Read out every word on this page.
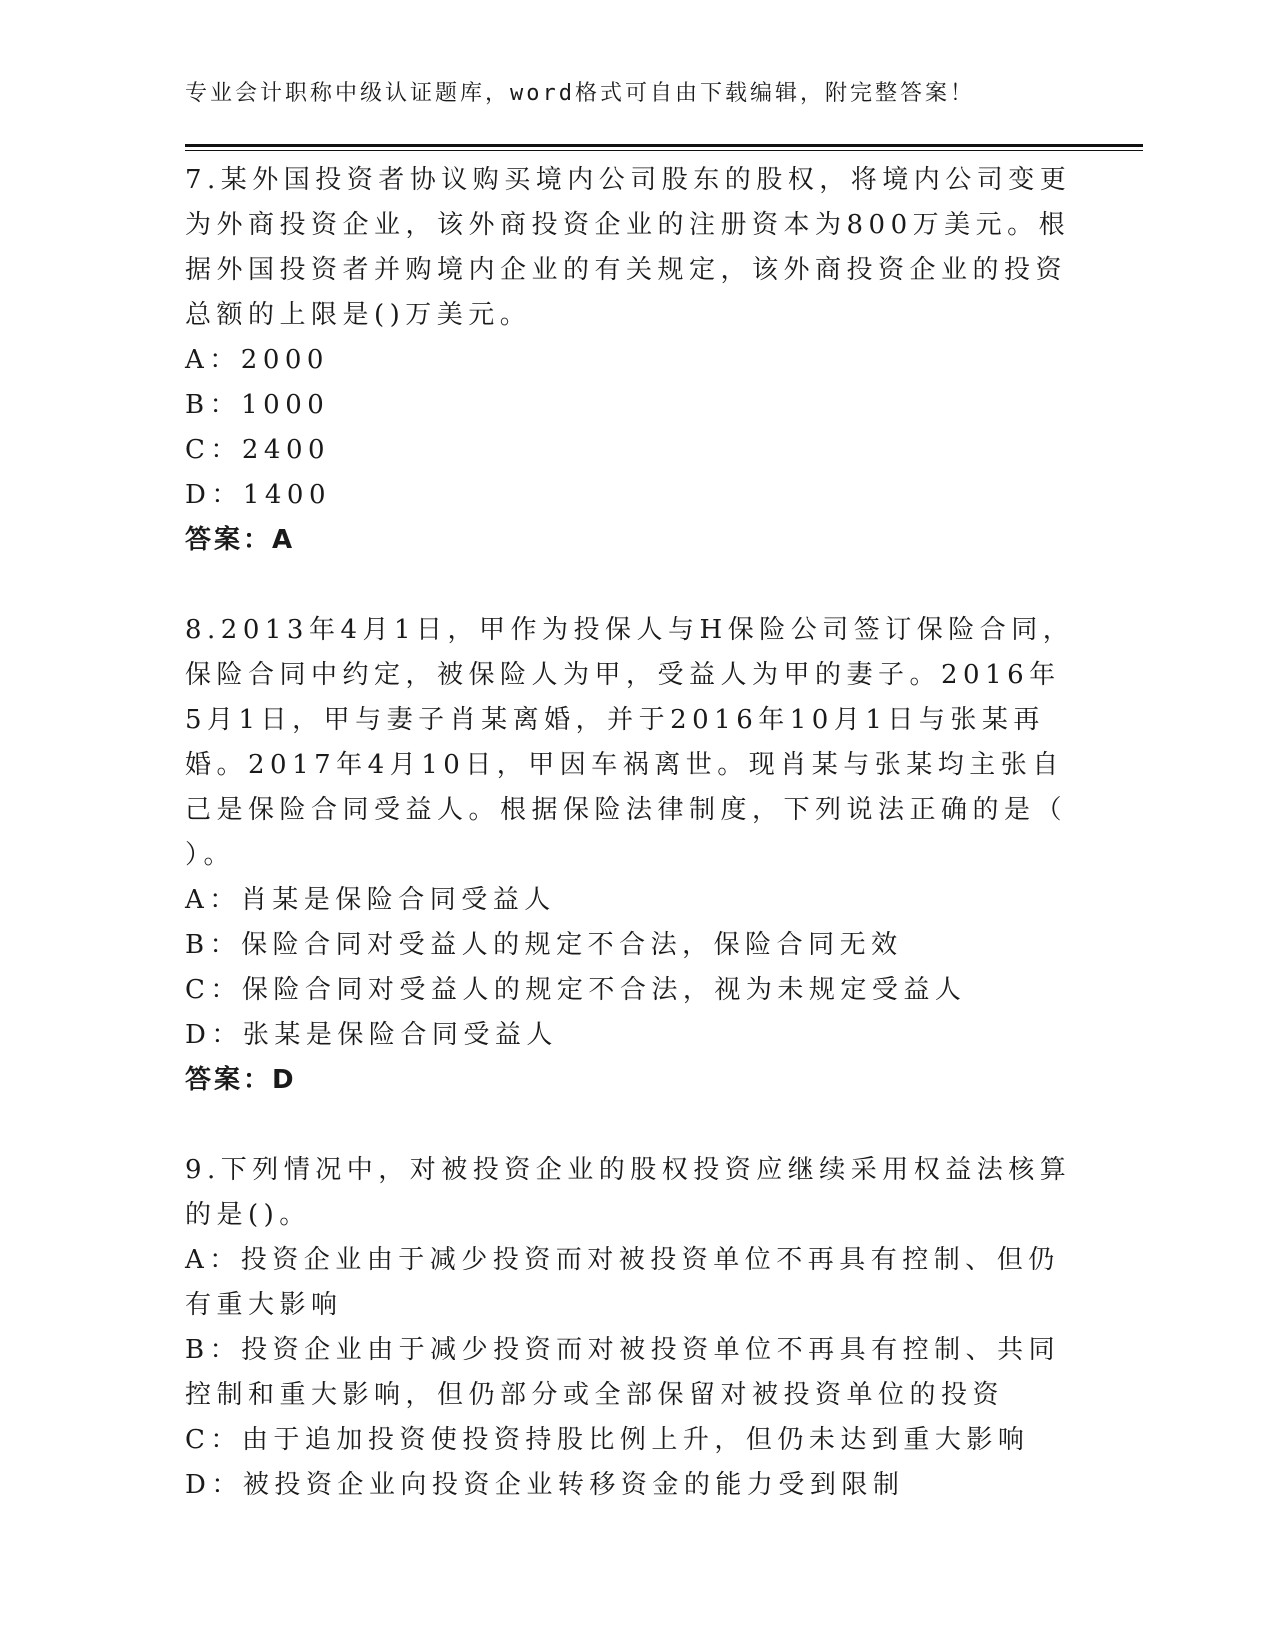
专业会计职称中级认证题库，word格式可自由下载编辑，附完整答案！

7.某外国投资者协议购买境内公司股东的股权，将境内公司变更为外商投资企业，该外商投资企业的注册资本为800万美元。根据外国投资者并购境内企业的有关规定，该外商投资企业的投资总额的上限是()万美元。

A：2000

B：1000

C：2400

D：1400

答案：A

8.2013年4月1日，甲作为投保人与H保险公司签订保险合同，保险合同中约定，被保险人为甲，受益人为甲的妻子。2016年5月1日，甲与妻子肖某离婚，并于2016年10月1日与张某再婚。2017年4月10日，甲因车祸离世。现肖某与张某均主张自己是保险合同受益人。根据保险法律制度，下列说法正确的是（ ）。

A：肖某是保险合同受益人

B：保险合同对受益人的规定不合法，保险合同无效

C：保险合同对受益人的规定不合法，视为未规定受益人

D：张某是保险合同受益人

答案：D

9.下列情况中，对被投资企业的股权投资应继续采用权益法核算的是()。

A：投资企业由于减少投资而对被投资单位不再具有控制、但仍有重大影响

B：投资企业由于减少投资而对被投资单位不再具有控制、共同控制和重大影响，但仍部分或全部保留对被投资单位的投资

C：由于追加投资使投资持股比例上升，但仍未达到重大影响

D：被投资企业向投资企业转移资金的能力受到限制
